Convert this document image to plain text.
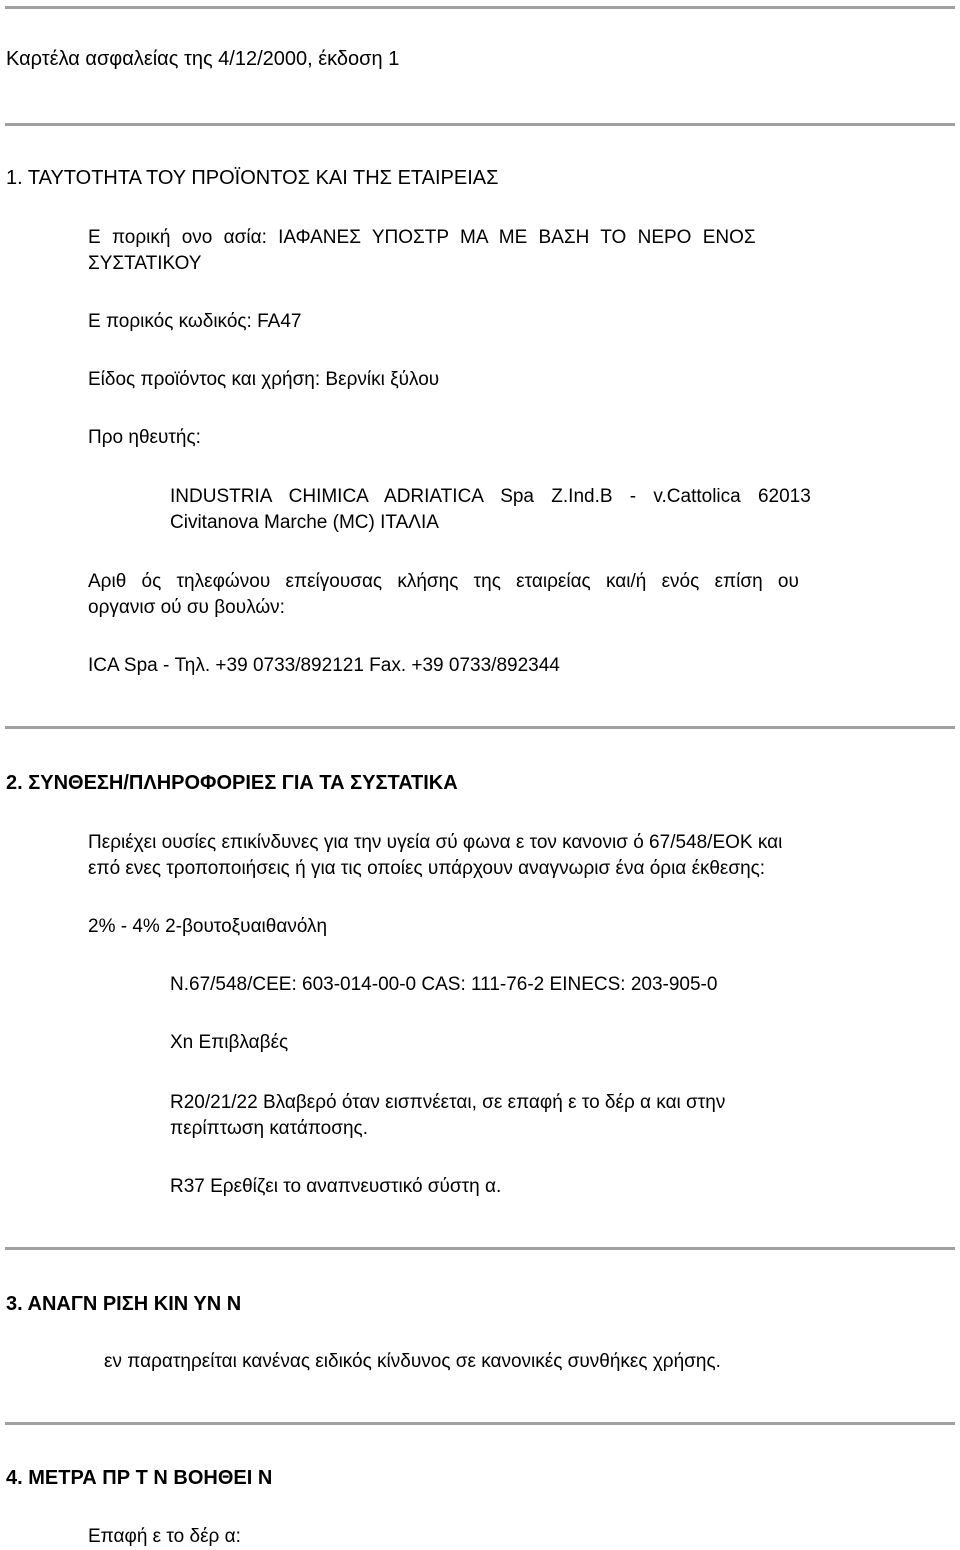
Καρτέλα ασφαλείας της 4/12/2000, έκδοση 1
1. ΤΑΥΤΟΤΗΤΑ ΤΟΥ ΠΡΟΪΟΝΤΟΣ ΚΑΙ ΤΗΣ ΕΤΑΙΡΕΙΑΣ
Ε πορική ονο ασία: ΙΑΦΑΝΕΣ ΥΠΟΣΤΡ ΜΑ ΜΕ ΒΑΣΗ ΤΟ ΝΕΡΟ ΕΝΟΣ
ΣΥΣΤΑΤΙΚΟΥ
Ε πορικός κωδικός: FA47
Είδος προϊόντος και χρήση: Βερνίκι ξύλου
Προ ηθευτής:
INDUSTRIA CHIMICA ADRIATICA Spa Z.Ind.B - v.Cattolica 62013
Civitanova Marche (MC) ΙΤΑΛΙΑ
Αριθ ός τηλεφώνου επείγουσας κλήσης της εταιρείας και/ή ενός επίση ου
οργανισ ού συ βουλών:
ICA Spa - Τηλ. +39 0733/892121 Fax. +39 0733/892344
2. ΣΥΝΘΕΣΗ/ΠΛΗΡΟΦΟΡΙΕΣ ΓΙΑ ΤΑ ΣΥΣΤΑΤΙΚΑ
Περιέχει ουσίες επικίνδυνες για την υγεία σύ φωνα ε τον κανονισ ό 67/548/ΕΟΚ και
επό ενες τροποποιήσεις ή για τις οποίες υπάρχουν αναγνωρισ ένα όρια έκθεσης:
2% - 4% 2-βουτοξυαιθανόλη
N.67/548/CEE: 603-014-00-0 CAS: 111-76-2 EINECS: 203-905-0
Xn Επιβλαβές
R20/21/22 Βλαβερό όταν εισπνέεται, σε επαφή ε το δέρ α και στην
περίπτωση κατάποσης.
R37 Ερεθίζει το αναπνευστικό σύστη α.
3. ΑΝΑΓΝ ΡΙΣΗ ΚΙΝ ΥΝ Ν
εν παρατηρείται κανένας ειδικός κίνδυνος σε κανονικές συνθήκες χρήσης.
4. ΜΕΤΡΑ ΠΡ Τ Ν ΒΟΗΘΕΙ Ν
Επαφή ε το δέρ α:
